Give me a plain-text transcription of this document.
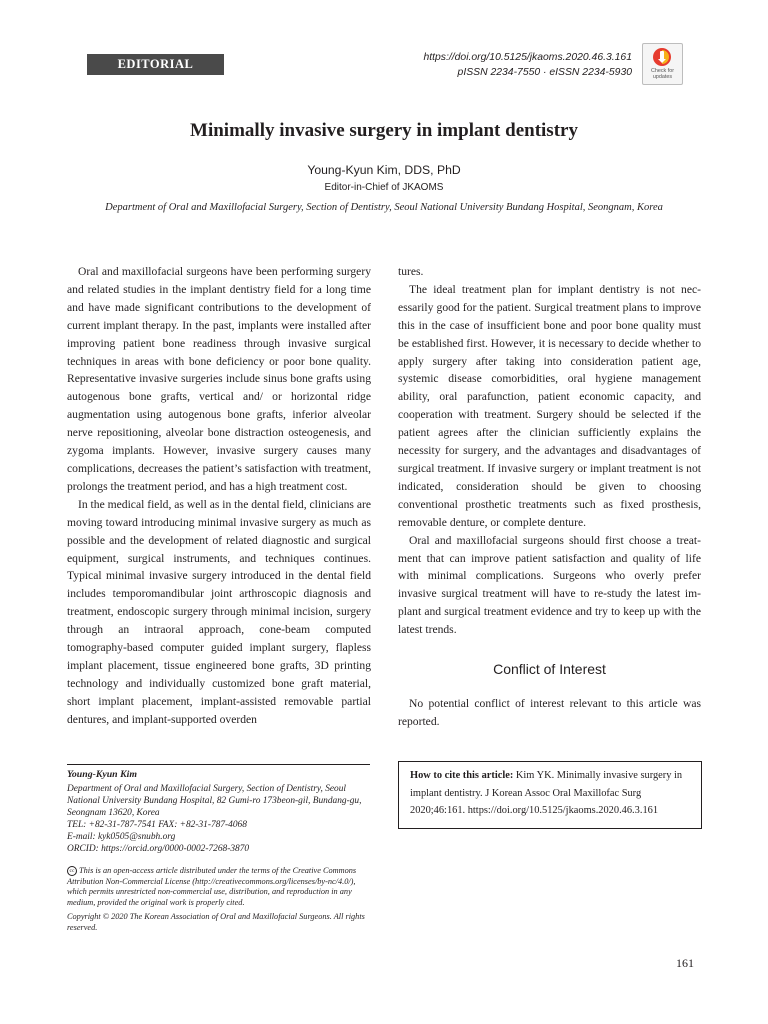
EDITORIAL	https://doi.org/10.5125/jkaoms.2020.46.3.161
pISSN 2234-7550 · eISSN 2234-5930	Check for updates
Minimally invasive surgery in implant dentistry
Young-Kyun Kim, DDS, PhD
Editor-in-Chief of JKAOMS
Department of Oral and Maxillofacial Surgery, Section of Dentistry, Seoul National University Bundang Hospital, Seongnam, Korea

Oral and maxillofacial surgeons have been performing surgery and related studies in the implant dentistry field for a long time and have made significant contributions to the development of current implant therapy. In the past, implants were installed after improving patient bone readiness through invasive surgical techniques in areas with bone deficiency or poor bone quality. Representative invasive surgeries include sinus bone grafts using autogenous bone grafts, vertical and/ or horizontal ridge augmentation using autogenous bone grafts, inferior alveolar nerve repositioning, alveolar bone distraction osteogenesis, and zygoma implants. However, invasive surgery causes many complications, decreases the patient’s satisfaction with treatment, prolongs the treatment period, and has a high treatment cost.

In the medical field, as well as in the dental field, clinicians are moving toward introducing minimal invasive surgery as much as possible and the development of related diagnostic and surgical equipment, surgical instruments, and techniques continues. Typical minimal invasive surgery introduced in the dental field includes temporomandibular joint arthroscopic diagnosis and treatment, endoscopic surgery through minimal incision, surgery through an intraoral approach, cone-beam computed tomography-based computer guided implant surgery, flapless implant placement, tissue engineered bone grafts, 3D printing technology and individually customized bone graft material, short implant placement, implant-assisted removable partial dentures, and implant-supported overden

tures.

The ideal treatment plan for implant dentistry is not necessarily good for the patient. Surgical treatment plans to improve this in the case of insufficient bone and poor bone quality must be established first. However, it is necessary to decide whether to apply surgery after taking into consideration patient age, systemic disease comorbidities, oral hygiene management ability, oral parafunction, patient economic capacity, and cooperation with treatment. Surgery should be selected if the patient agrees after the clinician sufficiently explains the necessity for surgery, and the advantages and disadvantages of surgical treatment. If invasive surgery or implant treatment is not indicated, consideration should be given to choosing conventional prosthetic treatments such as fixed prosthesis, removable denture, or complete denture.

Oral and maxillofacial surgeons should first choose a treatment that can improve patient satisfaction and quality of life with minimal complications. Surgeons who overly prefer invasive surgical treatment will have to re-study the latest implant and surgical treatment evidence and try to keep up with the latest trends.

Conflict of Interest
No potential conflict of interest relevant to this article was reported.
How to cite this article: Kim YK. Minimally invasive surgery in implant dentistry. J Korean Assoc Oral Maxillofac Surg 2020;46:161. https://doi.org/10.5125/jkaoms.2020.46.3.161
Young-Kyun Kim
Department of Oral and Maxillofacial Surgery, Section of Dentistry, Seoul National University Bundang Hospital, 82 Gumi-ro 173beon-gil, Bundang-gu, Seongnam 13620, Korea
TEL: +82-31-787-7541 FAX: +82-31-787-4068
E-mail: kyk0505@snubh.org
ORCID: https://orcid.org/0000-0002-7268-3870
cc This is an open-access article distributed under the terms of the Creative Commons Attribution Non-Commercial License (http://creativecommons.org/licenses/by-nc/4.0/), which permits unrestricted non-commercial use, distribution, and reproduction in any medium, provided the original work is properly cited.
Copyright © 2020 The Korean Association of Oral and Maxillofacial Surgeons. All rights reserved.
161
